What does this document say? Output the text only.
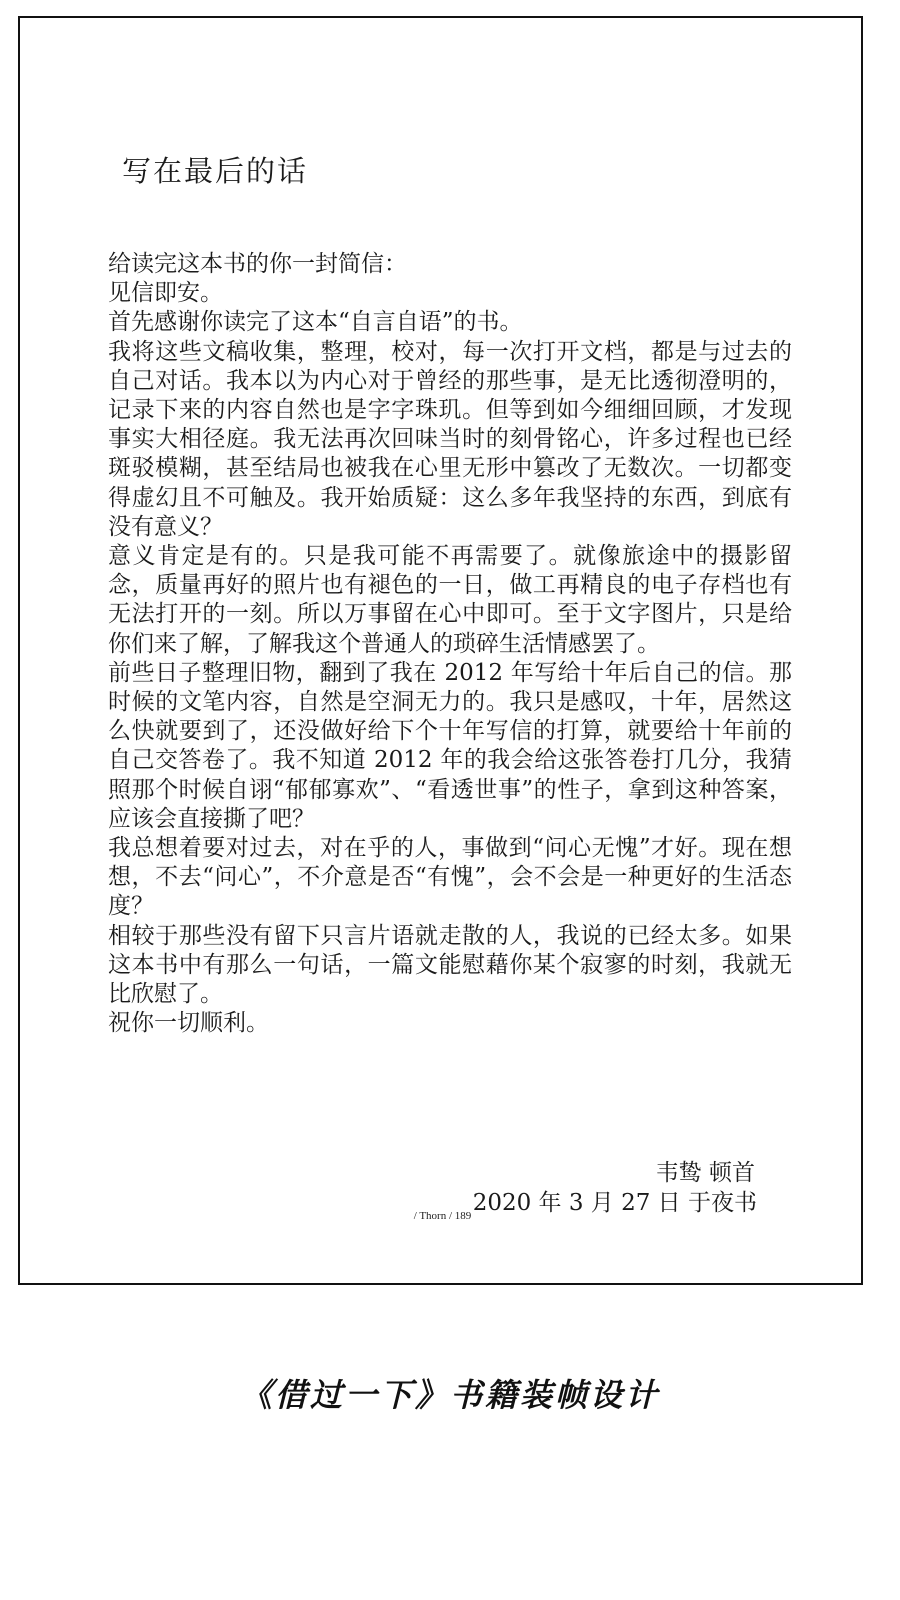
写在最后的话

给读完这本书的你一封简信：

见信即安。

首先感谢你读完了这本“自言自语”的书。

我将这些文稿收集，整理，校对，每一次打开文档，都是与过去的自己对话。我本以为内心对于曾经的那些事，是无比透彻澄明的，记录下来的内容自然也是字字珠玑。但等到如今细细回顾，才发现事实大相径庭。我无法再次回味当时的刻骨铭心，许多过程也已经斑驳模糊，甚至结局也被我在心里无形中篡改了无数次。一切都变得虚幻且不可触及。我开始质疑：这么多年我坚持的东西，到底有没有意义？

意义肯定是有的。只是我可能不再需要了。就像旅途中的摄影留念，质量再好的照片也有褪色的一日，做工再精良的电子存档也有无法打开的一刻。所以万事留在心中即可。至于文字图片，只是给你们来了解，了解我这个普通人的琐碎生活情感罢了。

前些日子整理旧物，翻到了我在 2012 年写给十年后自己的信。那时候的文笔内容，自然是空洞无力的。我只是感叹，十年，居然这么快就要到了，还没做好给下个十年写信的打算，就要给十年前的自己交答卷了。我不知道 2012 年的我会给这张答卷打几分，我猜照那个时候自诩“郁郁寡欢”、“看透世事”的性子，拿到这种答案，应该会直接撕了吧？

我总想着要对过去，对在乎的人，事做到“问心无愧”才好。现在想想，不去“问心”，不介意是否“有愧”，会不会是一种更好的生活态度？

相较于那些没有留下只言片语就走散的人，我说的已经太多。如果这本书中有那么一句话，一篇文能慰藉你某个寂寥的时刻，我就无比欣慰了。

祝你一切顺利。

韦鸷 顿首
2020 年 3 月 27 日 于夜书
/ Thorn / 189
《借过一下》书籍装帧设计
